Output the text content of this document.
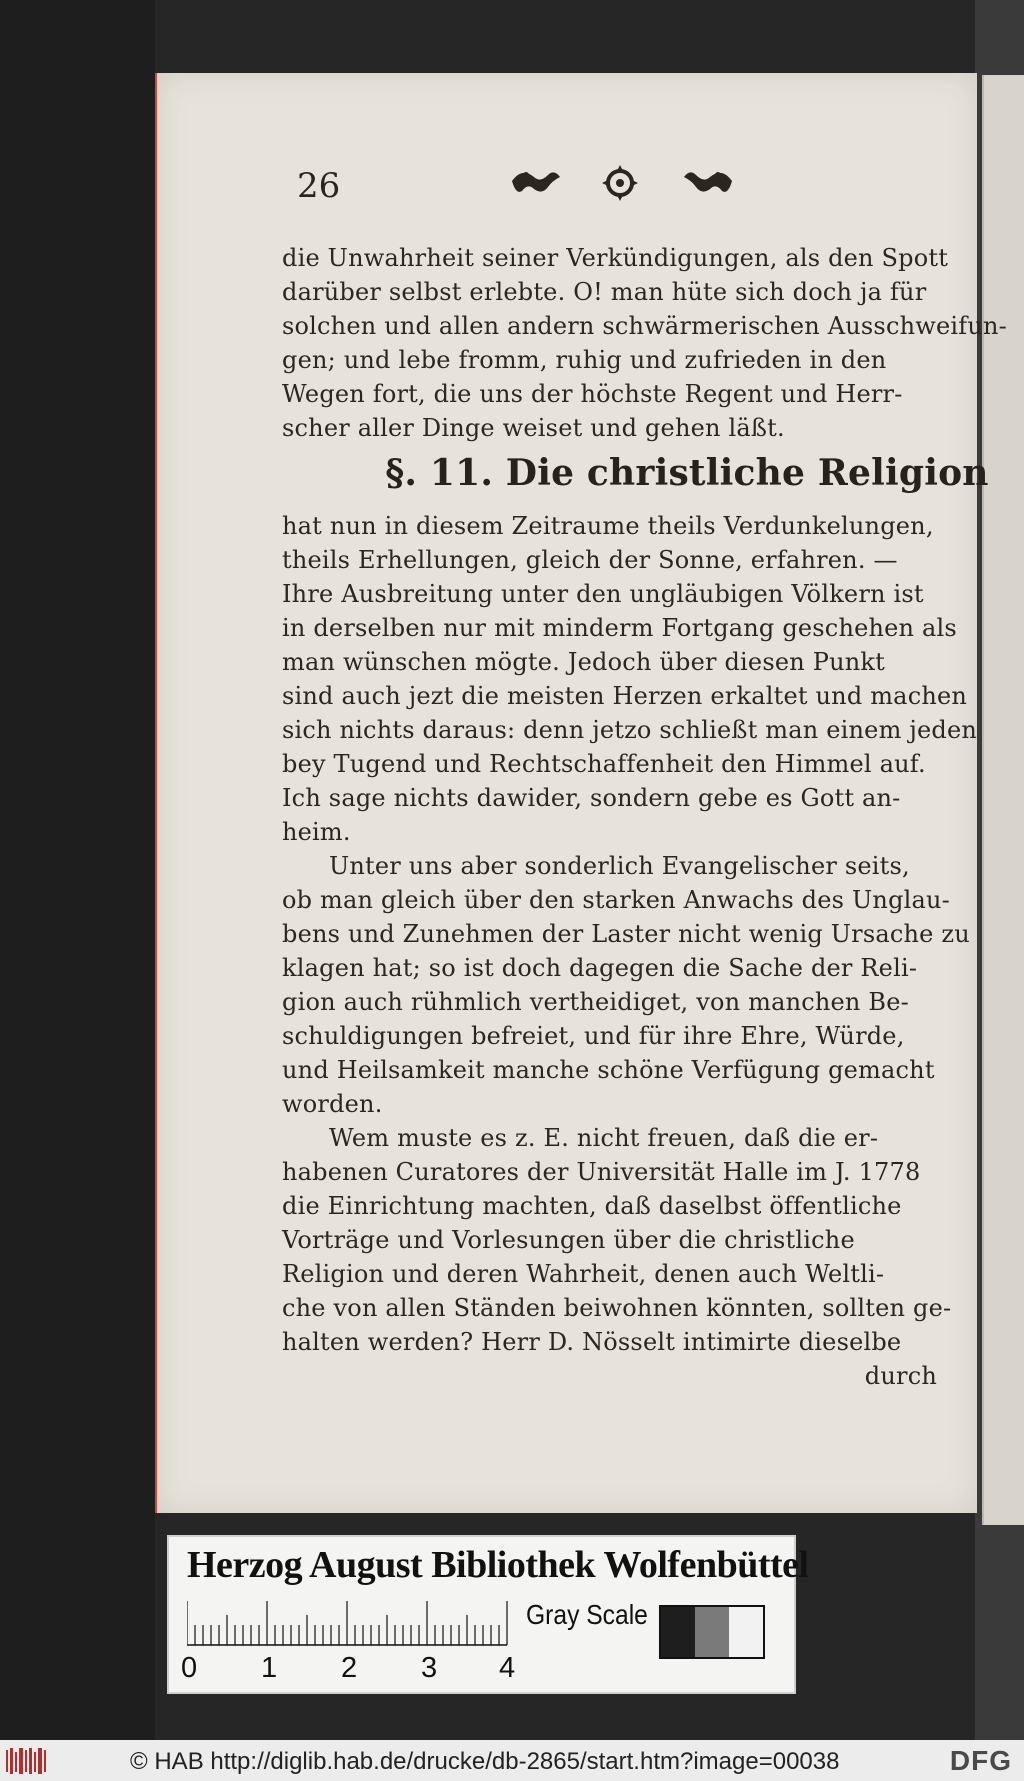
26
die Unwahrheit seiner Verkündigungen, als den Spott
darüber selbst erlebte. O! man hüte sich doch ja für
solchen und allen andern schwärmerischen Ausschweifun-
gen; und lebe fromm, ruhig und zufrieden in den
Wegen fort, die uns der höchste Regent und Herr-
scher aller Dinge weiset und gehen läßt.
§. 11. Die christliche Religion
hat nun in diesem Zeitraume theils Verdunkelungen,
theils Erhellungen, gleich der Sonne, erfahren. —
Ihre Ausbreitung unter den ungläubigen Völkern ist
in derselben nur mit minderm Fortgang geschehen als
man wünschen mögte. Jedoch über diesen Punkt
sind auch jezt die meisten Herzen erkaltet und machen
sich nichts daraus: denn jetzo schließt man einem jeden
bey Tugend und Rechtschaffenheit den Himmel auf.
Ich sage nichts dawider, sondern gebe es Gott an-
heim.
Unter uns aber sonderlich Evangelischer seits,
ob man gleich über den starken Anwachs des Unglau-
bens und Zunehmen der Laster nicht wenig Ursache zu
klagen hat; so ist doch dagegen die Sache der Reli-
gion auch rühmlich vertheidiget, von manchen Be-
schuldigungen befreiet, und für ihre Ehre, Würde,
und Heilsamkeit manche schöne Verfügung gemacht
worden.
Wem muste es z. E. nicht freuen, daß die er-
habenen Curatores der Universität Halle im J. 1778
die Einrichtung machten, daß daselbst öffentliche
Vorträge und Vorlesungen über die christliche
Religion und deren Wahrheit, denen auch Weltli-
che von allen Ständen beiwohnen könnten, sollten ge-
halten werden? Herr D. Nösselt intimirte dieselbe
durch
Herzog August Bibliothek Wolfenbüttel
0 1 2 3 4
Gray Scale
© HAB http://diglib.hab.de/drucke/db-2865/start.htm?image=00038	DFG
